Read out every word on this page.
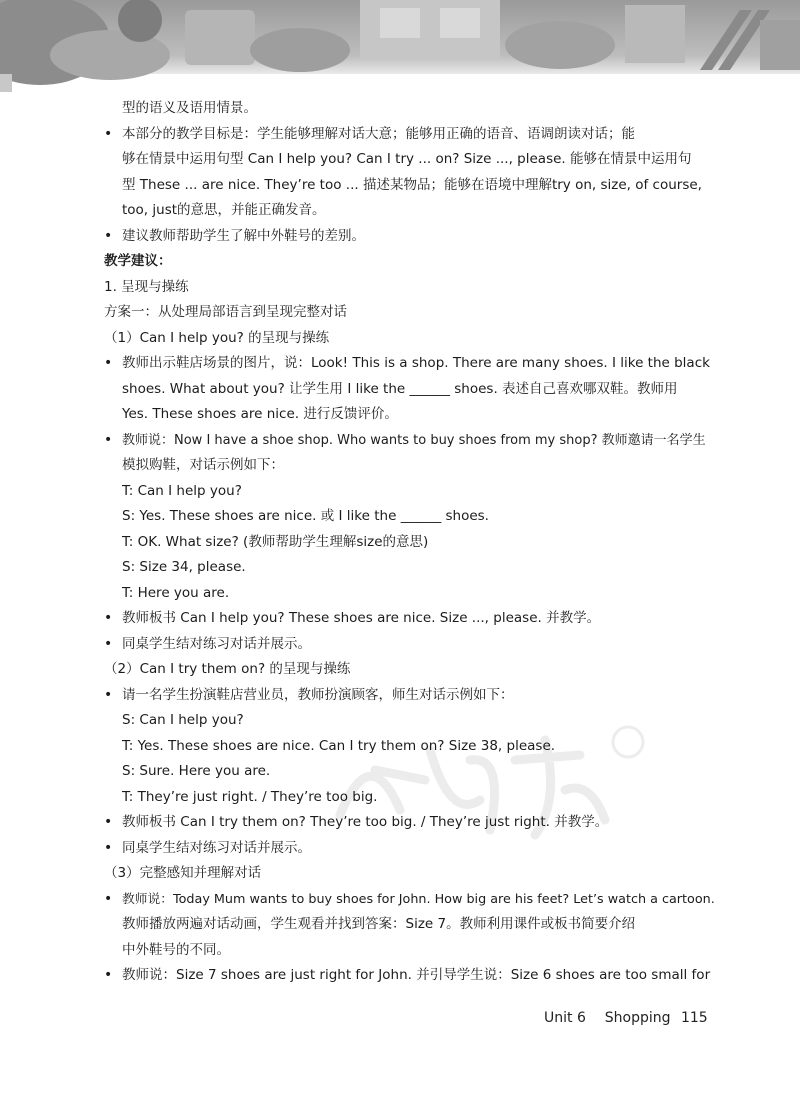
型的语义及语用情景。
• 本部分的教学目标是：学生能够理解对话大意；能够用正确的语音、语调朗读对话；能
够在情景中运用句型 Can I help you? Can I try ... on? Size ..., please. 能够在情景中运用句
型 These ... are nice. They’re too ... 描述某物品；能够在语境中理解try on, size, of course,
too, just的意思，并能正确发音。
• 建议教师帮助学生了解中外鞋号的差别。
教学建议：
1. 呈现与操练
方案一：从处理局部语言到呈现完整对话
（1）Can I help you? 的呈现与操练
• 教师出示鞋店场景的图片，说：Look! This is a shop. There are many shoes. I like the black
shoes. What about you? 让学生用 I like the ______ shoes. 表述自己喜欢哪双鞋。教师用
Yes. These shoes are nice. 进行反馈评价。
• 教师说：Now I have a shoe shop. Who wants to buy shoes from my shop? 教师邀请一名学生
模拟购鞋，对话示例如下：
T: Can I help you?
S: Yes. These shoes are nice. 或 I like the ______ shoes.
T: OK. What size? (教师帮助学生理解size的意思)
S: Size 34, please.
T: Here you are.
• 教师板书 Can I help you? These shoes are nice. Size ..., please. 并教学。
• 同桌学生结对练习对话并展示。
（2）Can I try them on? 的呈现与操练
• 请一名学生扮演鞋店营业员，教师扮演顾客，师生对话示例如下：
S: Can I help you?
T: Yes. These shoes are nice. Can I try them on? Size 38, please.
S: Sure. Here you are.
T: They’re just right. / They’re too big.
• 教师板书 Can I try them on? They’re too big. / They’re just right. 并教学。
• 同桌学生结对练习对话并展示。
（3）完整感知并理解对话
• 教师说：Today Mum wants to buy shoes for John. How big are his feet? Let’s watch a cartoon.
教师播放两遍对话动画，学生观看并找到答案：Size 7。教师利用课件或板书简要介绍
中外鞋号的不同。
• 教师说：Size 7 shoes are just right for John. 并引导学生说：Size 6 shoes are too small for
Unit 6 Shopping 115
